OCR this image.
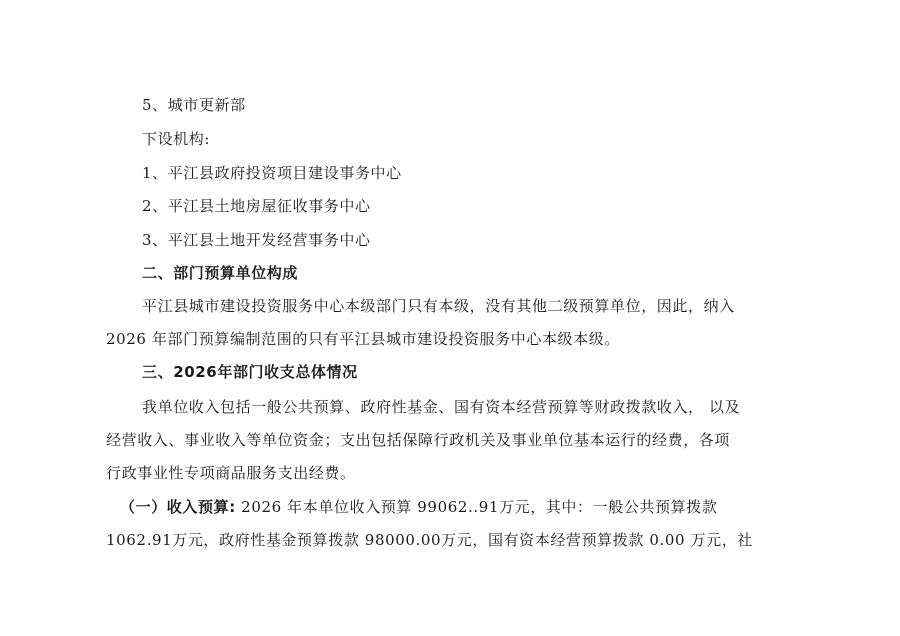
5、城市更新部
下设机构:
1、平江县政府投资项目建设事务中心
2、平江县土地房屋征收事务中心
3、平江县土地开发经营事务中心
二、部门预算单位构成
平江县城市建设投资服务中心本级部门只有本级，没有其他二级预算单位，因此，纳入
2026 年部门预算编制范围的只有平江县城市建设投资服务中心本级本级。
三、2026年部门收支总体情况
我单位收入包括一般公共预算、政府性基金、国有资本经营预算等财政拨款收入， 以及
经营收入、事业收入等单位资金；支出包括保障行政机关及事业单位基本运行的经费，各项
行政事业性专项商品服务支出经费。
（一）收入预算: 2026 年本单位收入预算 99062..91万元，其中：一般公共预算拨款
1062.91万元，政府性基金预算拨款 98000.00万元，国有资本经营预算拨款 0.00 万元，社
